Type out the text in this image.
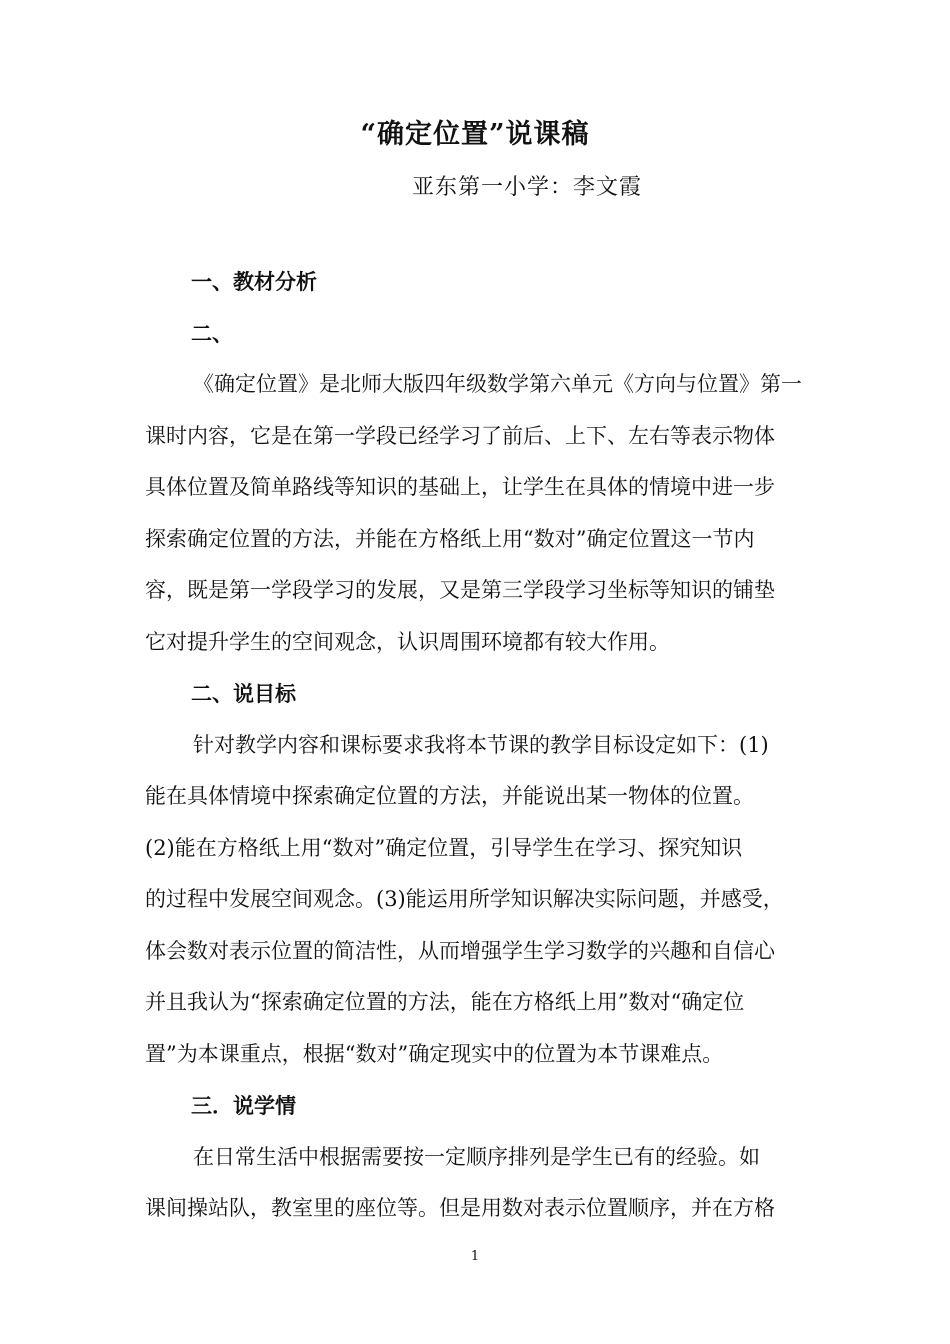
“确定位置”说课稿
亚东第一小学：李文霞
一、教材分析
二、

《确定位置》是北师大版四年级数学第六单元《方向与位置》第一
课时内容，它是在第一学段已经学习了前后、上下、左右等表示物体
具体位置及简单路线等知识的基础上，让学生在具体的情境中进一步
探索确定位置的方法，并能在方格纸上用“数对”确定位置这一节内
容，既是第一学段学习的发展，又是第三学段学习坐标等知识的铺垫
它对提升学生的空间观念，认识周围环境都有较大作用。

二、说目标

针对教学内容和课标要求我将本节课的教学目标设定如下：(1)
能在具体情境中探索确定位置的方法，并能说出某一物体的位置。
(2)能在方格纸上用“数对”确定位置，引导学生在学习、探究知识
的过程中发展空间观念。(3)能运用所学知识解决实际问题，并感受，
体会数对表示位置的简洁性，从而增强学生学习数学的兴趣和自信心
并且我认为“探索确定位置的方法，能在方格纸上用”数对“确定位
置”为本课重点，根据“数对”确定现实中的位置为本节课难点。

三．说学情

在日常生活中根据需要按一定顺序排列是学生已有的经验。如
课间操站队，教室里的座位等。但是用数对表示位置顺序，并在方格

1
